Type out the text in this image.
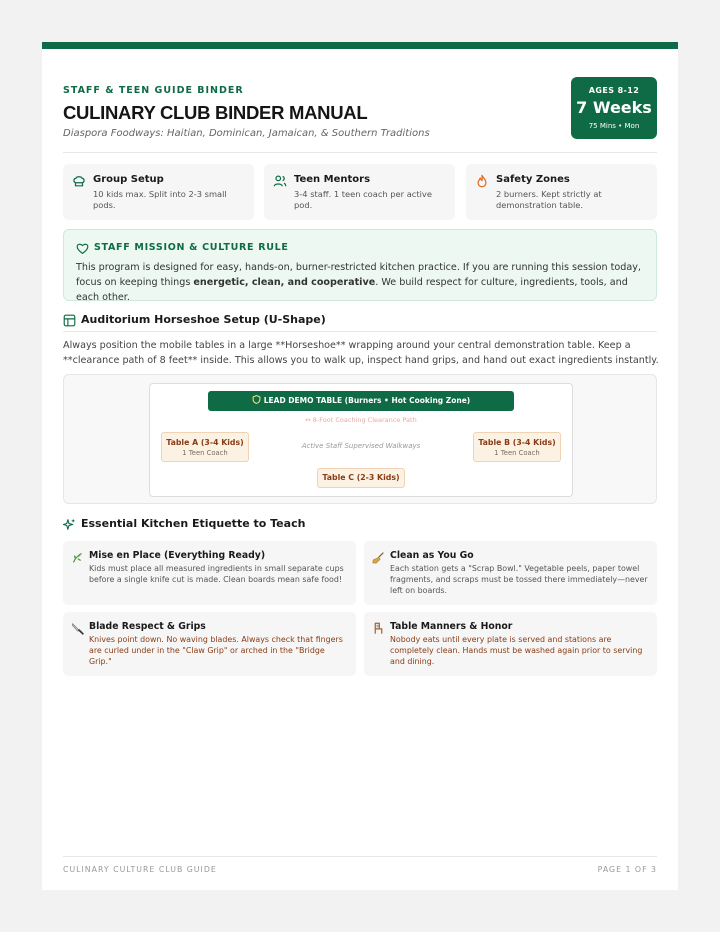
STAFF & TEEN GUIDE BINDER
CULINARY CLUB BINDER MANUAL
Diaspora Foodways: Haitian, Dominican, Jamaican, & Southern Traditions
AGES 8-12
7 Weeks
75 Mins • Mon
Group Setup
10 kids max. Split into 2-3 small pods.
Teen Mentors
3-4 staff. 1 teen coach per active pod.
Safety Zones
2 burners. Kept strictly at demonstration table.
STAFF MISSION & CULTURE RULE
This program is designed for easy, hands-on, burner-restricted kitchen practice. If you are running this session today, focus on keeping things energetic, clean, and cooperative. We build respect for culture, ingredients, tools, and each other.
Auditorium Horseshoe Setup (U-Shape)
Always position the mobile tables in a large **Horseshoe** wrapping around your central demonstration table. Keep a **clearance path of 8 feet** inside. This allows you to walk up, inspect hand grips, and hand out exact ingredients instantly.
LEAD DEMO TABLE (Burners • Hot Cooking Zone)
↔ 8-Foot Coaching Clearance Path
Table A (3-4 Kids)
1 Teen Coach
Active Staff Supervised Walkways	Table B (3-4 Kids)
1 Teen Coach
Table C (2-3 Kids)
Essential Kitchen Etiquette to Teach
Mise en Place (Everything Ready)
Kids must place all measured ingredients in small separate cups before a single knife cut is made. Clean boards mean safe food!
Clean as You Go
Each station gets a "Scrap Bowl." Vegetable peels, paper towel fragments, and scraps must be tossed there immediately—never left on boards.
Blade Respect & Grips
Knives point down. No waving blades. Always check that fingers are curled under in the "Claw Grip" or arched in the "Bridge Grip."
Table Manners & Honor
Nobody eats until every plate is served and stations are completely clean. Hands must be washed again prior to serving and dining.
CULINARY CULTURE CLUB GUIDE	PAGE 1 OF 3
